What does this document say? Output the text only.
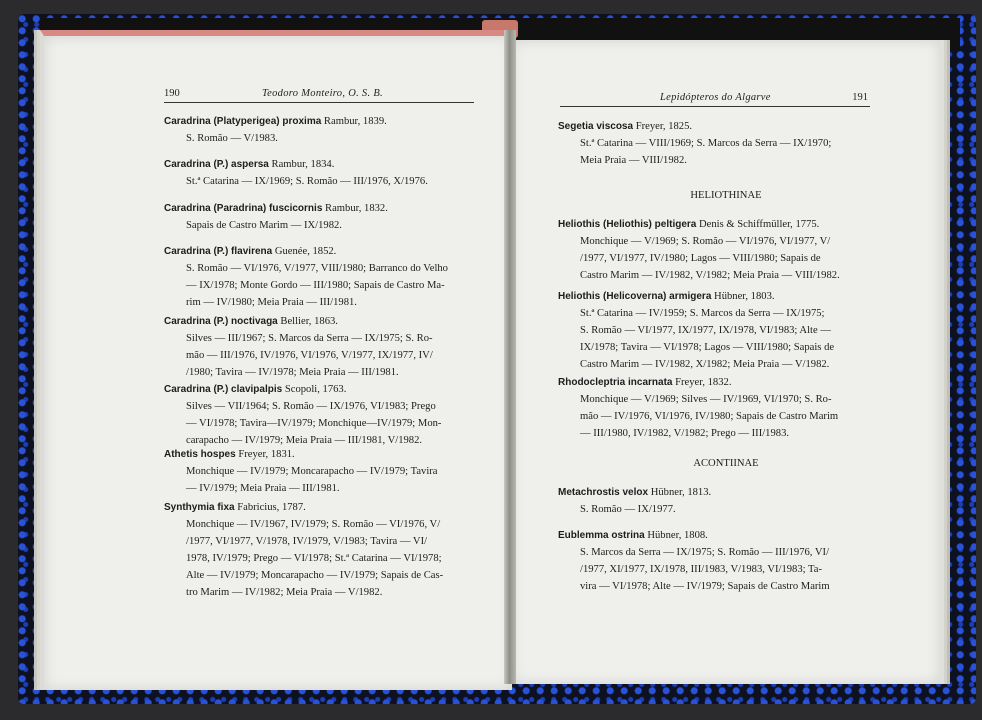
190	Teodoro Monteiro, O. S. B.	Lepidópteros do Algarve	191
Caradrina (Platyperigea) proxima Rambur, 1839.
S. Romão — V/1983.
Caradrina (P.) aspersa Rambur, 1834.
St.ª Catarina — IX/1969; S. Romão — III/1976, X/1976.
Caradrina (Paradrina) fuscicornis Rambur, 1832.
Sapais de Castro Marim — IX/1982.
Caradrina (P.) flavirena Guenée, 1852.
S. Romão — VI/1976, V/1977, VIII/1980; Barranco do Velho
— IX/1978; Monte Gordo — III/1980; Sapais de Castro Ma-
rim — IV/1980; Meia Praia — III/1981.
Caradrina (P.) noctivaga Bellier, 1863.
Silves — III/1967; S. Marcos da Serra — IX/1975; S. Ro-
mão — III/1976, IV/1976, VI/1976, V/1977, IX/1977, IV/
/1980; Tavira — IV/1978; Meia Praia — III/1981.
Caradrina (P.) clavipalpis Scopoli, 1763.
Silves — VII/1964; S. Romão — IX/1976, VI/1983; Prego
— VI/1978; Tavira—IV/1979; Monchique—IV/1979; Mon-
carapacho — IV/1979; Meia Praia — III/1981, V/1982.
Athetis hospes Freyer, 1831.
Monchique — IV/1979; Moncarapacho — IV/1979; Tavira
— IV/1979; Meia Praia — III/1981.
Synthymia fixa Fabricius, 1787.
Monchique — IV/1967, IV/1979; S. Romão — VI/1976, V/
/1977, VI/1977, V/1978, IV/1979, V/1983; Tavira — VI/
1978, IV/1979; Prego — VI/1978; St.ª Catarina — VI/1978;
Alte — IV/1979; Moncarapacho — IV/1979; Sapais de Cas-
tro Marim — IV/1982; Meia Praia — V/1982.
Segetia viscosa Freyer, 1825.
St.ª Catarina — VIII/1969; S. Marcos da Serra — IX/1970;
Meia Praia — VIII/1982.
Heliothis (Heliothis) peltigera Denis & Schiffmüller, 1775.
Monchique — V/1969; S. Romão — VI/1976, VI/1977, V/
/1977, VI/1977, IV/1980; Lagos — VIII/1980; Sapais de
Castro Marim — IV/1982, V/1982; Meia Praia — VIII/1982.
Heliothis (Helicoverna) armigera Hübner, 1803.
St.ª Catarina — IV/1959; S. Marcos da Serra — IX/1975;
S. Romão — VI/1977, IX/1977, IX/1978, VI/1983; Alte —
IX/1978; Tavira — VI/1978; Lagos — VIII/1980; Sapais de
Castro Marim — IV/1982, X/1982; Meia Praia — V/1982.
Rhodocleptria incarnata Freyer, 1832.
Monchique — V/1969; Silves — IV/1969, VI/1970; S. Ro-
mão — IV/1976, VI/1976, IV/1980; Sapais de Castro Marim
— III/1980, IV/1982, V/1982; Prego — III/1983.
Metachrostis velox Hübner, 1813.
S. Romão — IX/1977.
Eublemma ostrina Hübner, 1808.
S. Marcos da Serra — IX/1975; S. Romão — III/1976, VI/
/1977, XI/1977, IX/1978, III/1983, V/1983, VI/1983; Ta-
vira — VI/1978; Alte — IV/1979; Sapais de Castro Marim
HELIOTHINAE
ACONTIINAE
